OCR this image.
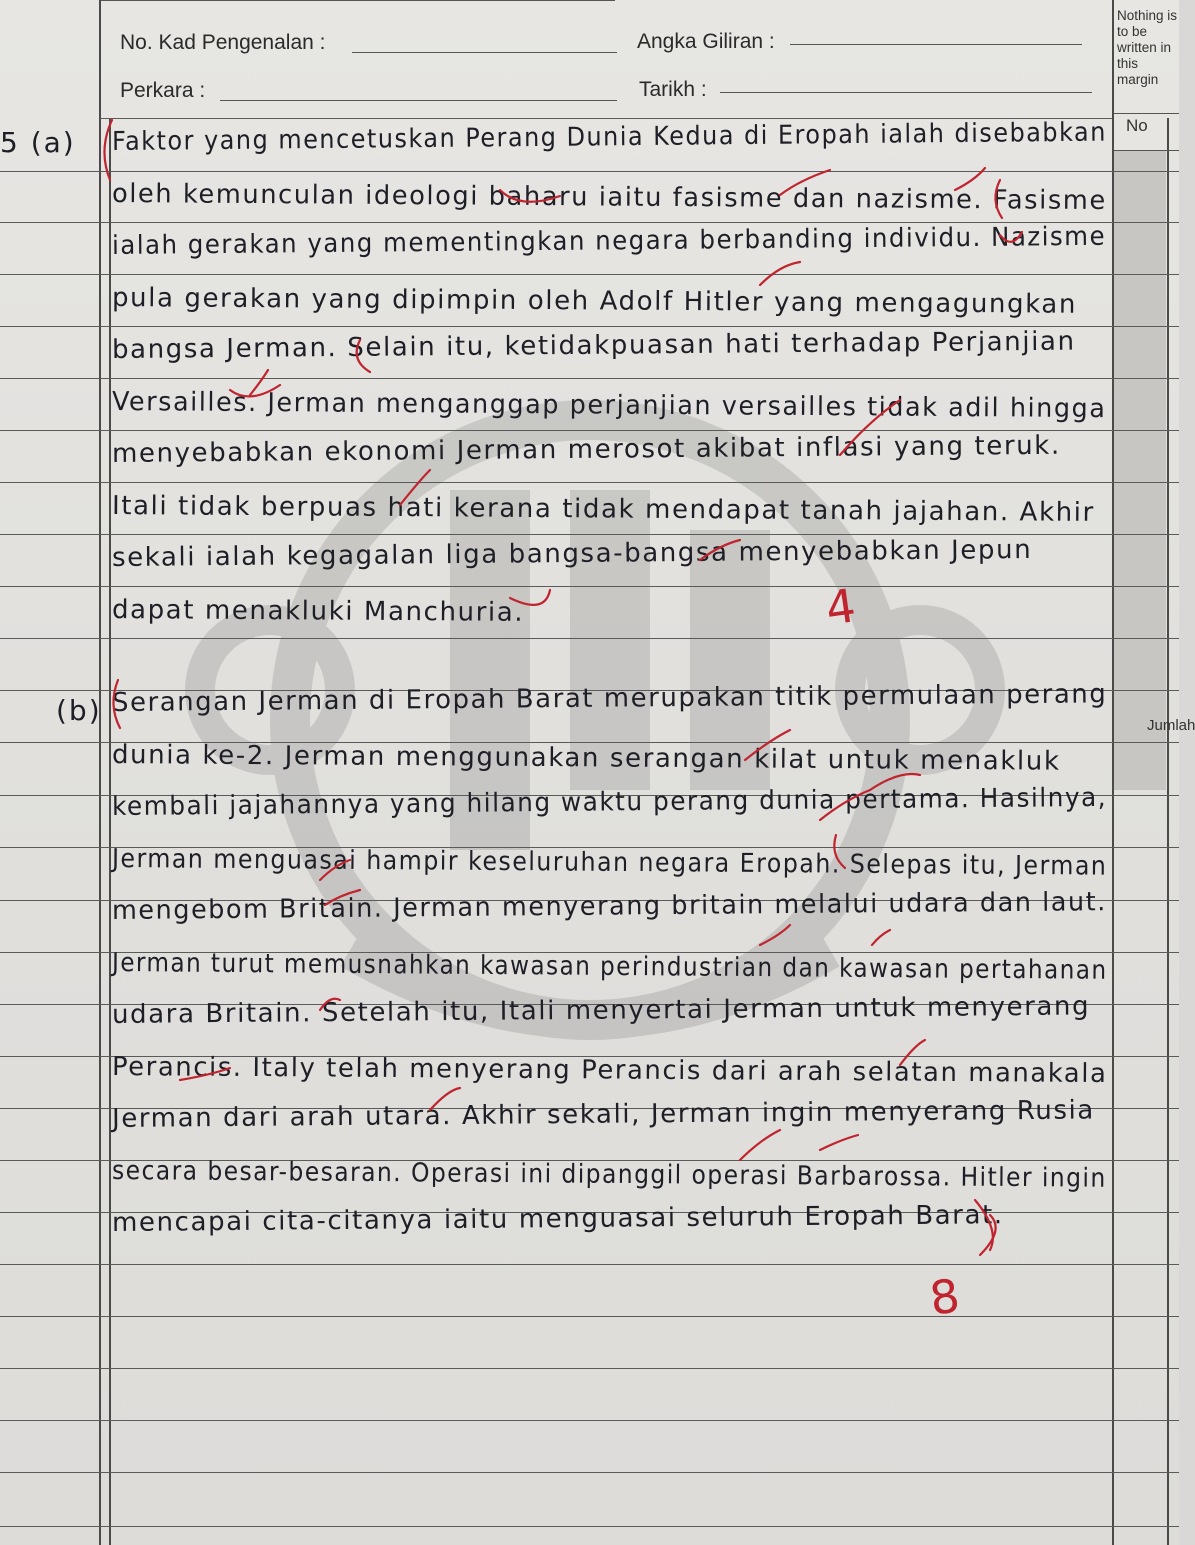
No. Kad Pengenalan :	Angka Giliran :
Perkara :	Tarikh :
Nothing is to be written in this margin
No
Jumlah
5 (a)
(b)
Faktor yang mencetuskan Perang Dunia Kedua di Eropah ialah disebabkan
oleh kemunculan ideologi baharu iaitu fasisme dan nazisme. Fasisme
ialah gerakan yang mementingkan negara berbanding individu. Nazisme
pula gerakan yang dipimpin oleh Adolf Hitler yang mengagungkan
bangsa Jerman. Selain itu, ketidakpuasan hati terhadap Perjanjian
Versailles. Jerman menganggap perjanjian versailles tidak adil hingga
menyebabkan ekonomi Jerman merosot akibat inflasi yang teruk.
Itali tidak berpuas hati kerana tidak mendapat tanah jajahan. Akhir
sekali ialah kegagalan liga bangsa-bangsa menyebabkan Jepun
dapat menakluki Manchuria.
Serangan Jerman di Eropah Barat merupakan titik permulaan perang
dunia ke-2. Jerman menggunakan serangan kilat untuk menakluk
kembali jajahannya yang hilang waktu perang dunia pertama. Hasilnya,
Jerman menguasai hampir keseluruhan negara Eropah. Selepas itu, Jerman
mengebom Britain. Jerman menyerang britain melalui udara dan laut.
Jerman turut memusnahkan kawasan perindustrian dan kawasan pertahanan
udara Britain. Setelah itu, Itali menyertai Jerman untuk menyerang
Perancis. Italy telah menyerang Perancis dari arah selatan manakala
Jerman dari arah utara. Akhir sekali, Jerman ingin menyerang Rusia
secara besar-besaran. Operasi ini dipanggil operasi Barbarossa. Hitler ingin
mencapai cita-citanya iaitu menguasai seluruh Eropah Barat.
4
8
